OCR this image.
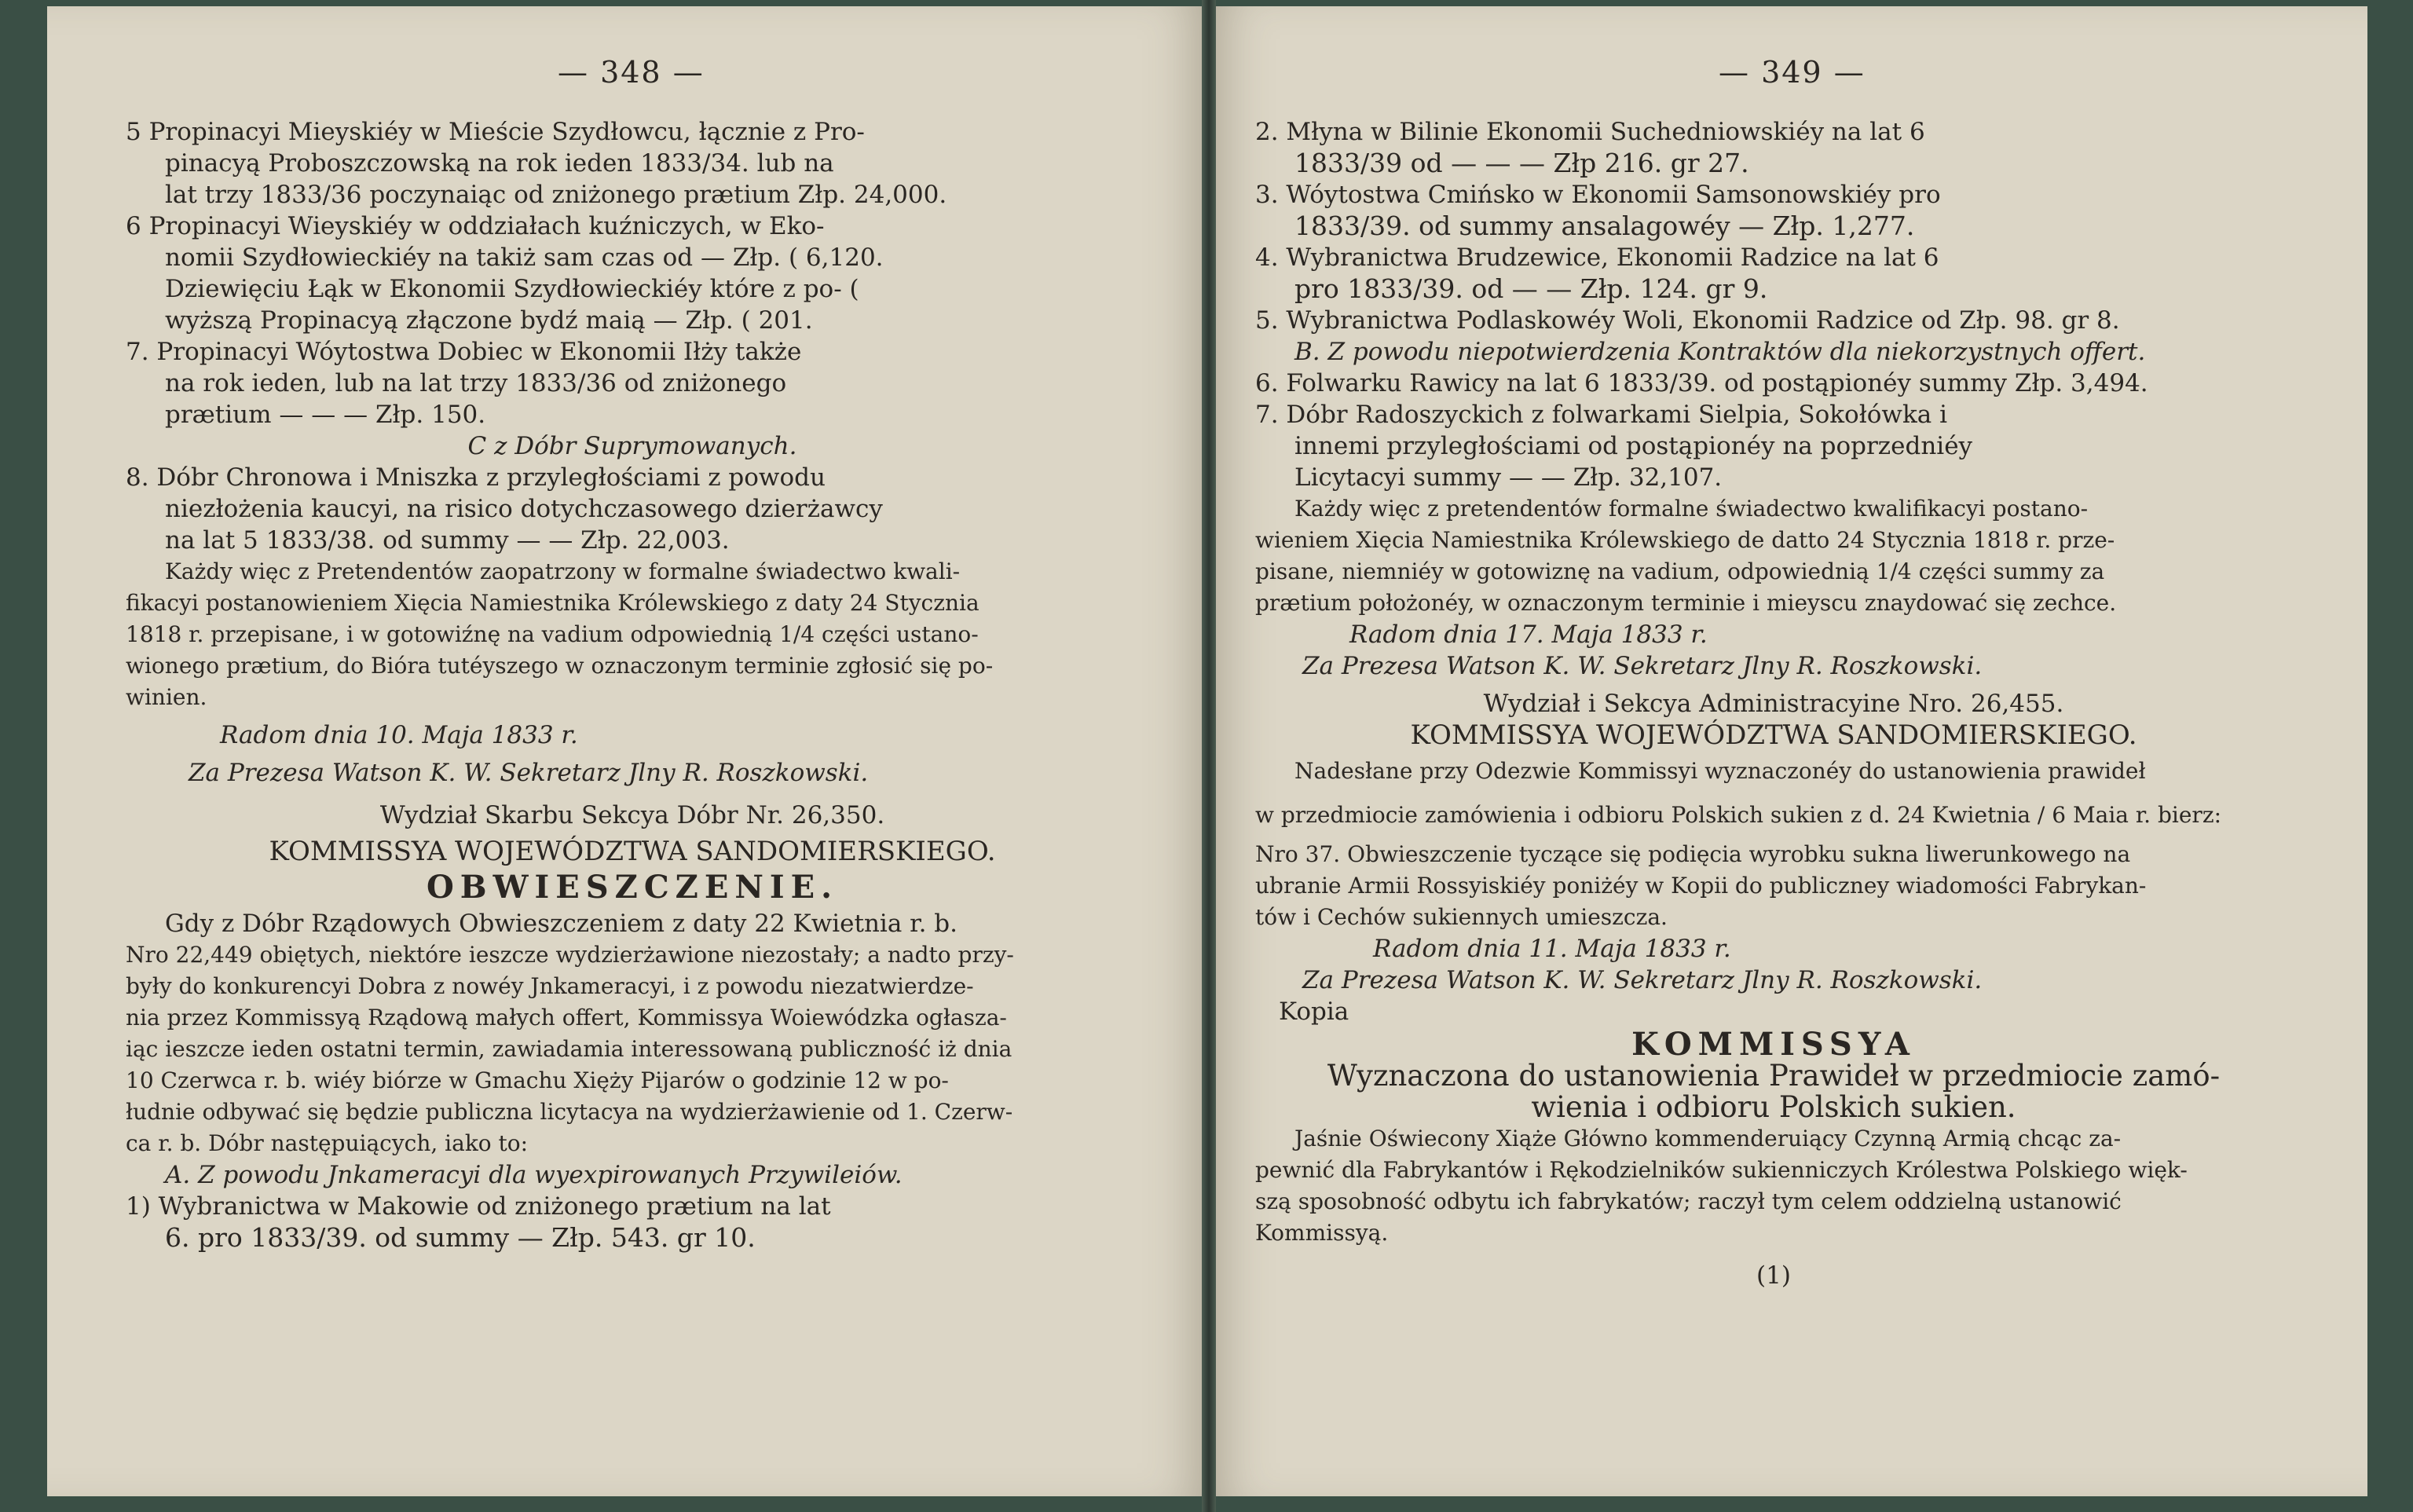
— 348 —
5 Propinacyi Mieyskiéy w Mieście Szydłowcu, łącznie z Pro-
pinacyą Proboszczowską na rok ieden 1833/34. lub na
lat trzy 1833/36 poczynaiąc od zniżonego prætium Złp. 24,000.
6 Propinacyi Wieyskiéy w oddziałach kuźniczych, w Eko-
nomii Szydłowieckiéy na takiż sam czas od — Złp. ( 6,120.
Dziewięciu Łąk w Ekonomii Szydłowieckiéy które z po- (
wyższą Propinacyą złączone bydź maią — Złp. ( 201.
7. Propinacyi Wóytostwa Dobiec w Ekonomii Iłży także
na rok ieden, lub na lat trzy 1833/36 od zniżonego
prætium — — — Złp. 150.
C z Dóbr Suprymowanych.
8. Dóbr Chronowa i Mniszka z przyległościami z powodu
niezłożenia kaucyi, na risico dotychczasowego dzierżawcy
na lat 5 1833/38. od summy — — Złp. 22,003.
Każdy więc z Pretendentów zaopatrzony w formalne świadectwo kwali-
fikacyi postanowieniem Xięcia Namiestnika Królewskiego z daty 24 Stycznia
1818 r. przepisane, i w gotowiźnę na vadium odpowiednią 1/4 części ustano-
wionego prætium, do Bióra tutéyszego w oznaczonym terminie zgłosić się po-
winien.
Radom dnia 10. Maja 1833 r.
Za Prezesa Watson K. W. Sekretarz Jlny R. Roszkowski.
Wydział Skarbu Sekcya Dóbr Nr. 26,350.
KOMMISSYA WOJEWÓDZTWA SANDOMIERSKIEGO.
OBWIESZCZENIE.
Gdy z Dóbr Rządowych Obwieszczeniem z daty 22 Kwietnia r. b.
Nro 22,449 obiętych, niektóre ieszcze wydzierżawione niezostały; a nadto przy-
były do konkurencyi Dobra z nowéy Jnkameracyi, i z powodu niezatwierdze-
nia przez Kommissyą Rządową małych offert, Kommissya Woiewódzka ogłasza-
iąc ieszcze ieden ostatni termin, zawiadamia interessowaną publiczność iż dnia
10 Czerwca r. b. wiéy biórze w Gmachu Xięży Pijarów o godzinie 12 w po-
łudnie odbywać się będzie publiczna licytacya na wydzierżawienie od 1. Czerw-
ca r. b. Dóbr następuiących, iako to:
A. Z powodu Jnkameracyi dla wyexpirowanych Przywileiów.
1) Wybranictwa w Makowie od zniżonego prætium na lat
6. pro 1833/39. od summy — Złp. 543. gr 10.
— 349 —
2. Młyna w Bilinie Ekonomii Suchedniowskiéy na lat 6
1833/39 od — — — Złp 216. gr 27.
3. Wóytostwa Cmińsko w Ekonomii Samsonowskiéy pro
1833/39. od summy ansalagowéy — Złp. 1,277.
4. Wybranictwa Brudzewice, Ekonomii Radzice na lat 6
pro 1833/39. od — — Złp. 124. gr 9.
5. Wybranictwa Podlaskowéy Woli, Ekonomii Radzice od Złp. 98. gr 8.
B. Z powodu niepotwierdzenia Kontraktów dla niekorzystnych offert.
6. Folwarku Rawicy na lat 6 1833/39. od postąpionéy summy Złp. 3,494.
7. Dóbr Radoszyckich z folwarkami Sielpia, Sokołówka i
innemi przyległościami od postąpionéy na poprzedniéy
Licytacyi summy — — Złp. 32,107.
Każdy więc z pretendentów formalne świadectwo kwalifikacyi postano-
wieniem Xięcia Namiestnika Królewskiego de datto 24 Stycznia 1818 r. prze-
pisane, niemniéy w gotowiznę na vadium, odpowiednią 1/4 części summy za
prætium położonéy, w oznaczonym terminie i mieyscu znaydować się zechce.
Radom dnia 17. Maja 1833 r.
Za Prezesa Watson K. W. Sekretarz Jlny R. Roszkowski.
Wydział i Sekcya Administracyine Nro. 26,455.
KOMMISSYA WOJEWÓDZTWA SANDOMIERSKIEGO.
Nadesłane przy Odezwie Kommissyi wyznaczonéy do ustanowienia prawideł
w przedmiocie zamówienia i odbioru Polskich sukien z d. 24 Kwietnia / 6 Maia r. bierz:
Nro 37. Obwieszczenie tyczące się podięcia wyrobku sukna liwerunkowego na
ubranie Armii Rossyiskiéy poniżéy w Kopii do publiczney wiadomości Fabrykan-
tów i Cechów sukiennych umieszcza.
Radom dnia 11. Maja 1833 r.
Za Prezesa Watson K. W. Sekretarz Jlny R. Roszkowski.
Kopia
KOMMISSYA
Wyznaczona do ustanowienia Prawideł w przedmiocie zamó-
wienia i odbioru Polskich sukien.
Jaśnie Oświecony Xiąże Główno kommenderuiący Czynną Armią chcąc za-
pewnić dla Fabrykantów i Rękodzielników sukienniczych Królestwa Polskiego więk-
szą sposobność odbytu ich fabrykatów; raczył tym celem oddzielną ustanowić
Kommissyą.
(1)
